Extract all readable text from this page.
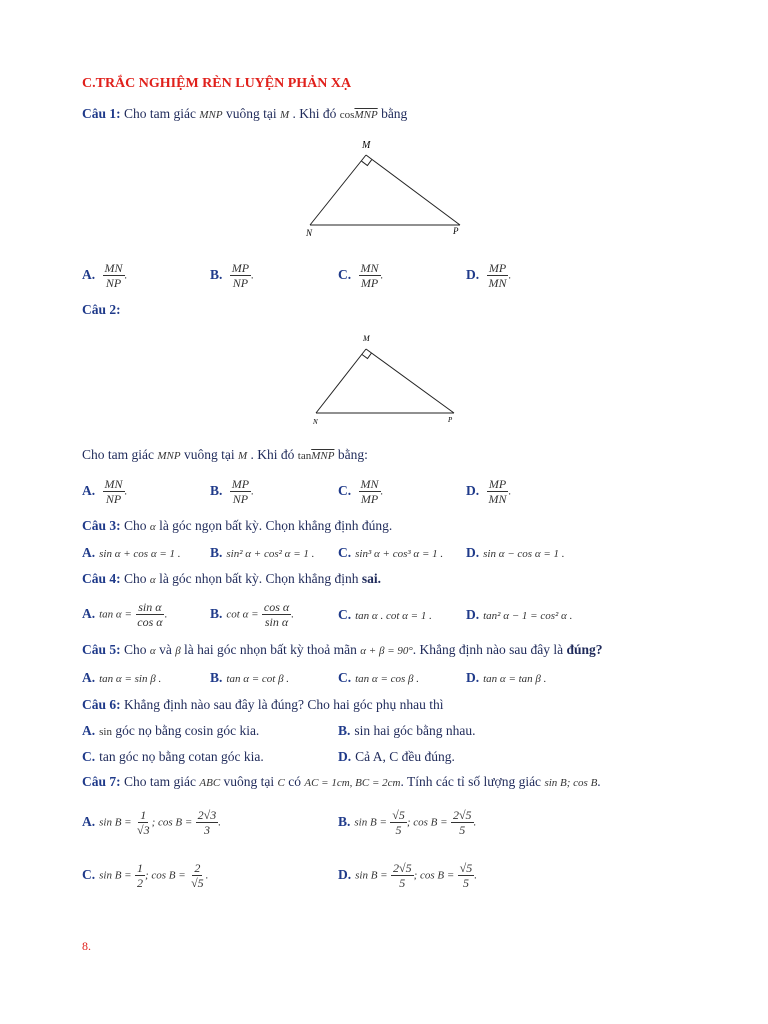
C.TRẮC NGHIỆM RÈN LUYỆN PHẢN XẠ
Câu 1: Cho tam giác MNP vuông tại M . Khi đó $\cos\overline{MNP}$ bằng
M
N	P
A. $\frac{MN}{NP}$ .	B. $\frac{MP}{NP}$ .	C. $\frac{MN}{MP}$ .	D. $\frac{MP}{MN}$ .
Câu 2:
M
N	P
Cho tam giác MNP vuông tại M . Khi đó $\tan\overline{MNP}$ bằng:
A. $\frac{MN}{NP}$ .	B. $\frac{MP}{NP}$ .	C. $\frac{MN}{MP}$ .	D. $\frac{MP}{MN}$ .
Câu 3: Cho α là góc ngọn bất kỳ. Chọn khẳng định đúng.
A. sin α + cos α = 1 . B. sin² α + cos² α = 1 . C. sin³ α + cos³ α = 1 . D. sin α − cos α = 1 .
Câu 4: Cho α là góc nhọn bất kỳ. Chọn khẳng định sai.
A. $\tan \alpha = \frac{\text{sin α}}{\text{cos α}}$ .	B. $\cot \alpha = \frac{\text{cos α}}{\text{sin α}}$ .	C. tan α . cot α = 1 .	D. tan² α − 1 = cos² α .
Câu 5: Cho α và β là hai góc nhọn bất kỳ thoả mãn α + β = 90°. Khẳng định nào sau đây là đúng?
A. tan α = sin β .	B. tan α = cot β .	C. tan α = cos β .	D. tan α = tan β .
Câu 6: Khẳng định nào sau đây là đúng? Cho hai góc phụ nhau thì
A. sin góc nọ bằng cosin góc kia.	B. sin hai góc bằng nhau.
C. tan góc nọ bằng cotan góc kia.	D. Cả A, C đều đúng.
Câu 7: Cho tam giác ABC vuông tại C có AC = 1cm, BC = 2cm. Tính các tỉ số lượng giác sin B; cos B.
A. $\sin B = \frac{1}{√3}$ ; $\cos B = \frac{2√3}{3}$ .	B. $\sin B = \frac{√5}{5}$ ; $\cos B = \frac{2√5}{5}$ .
C. $\sin B = \frac{1}{2}$ ; $\cos B = \frac{2}{√5}$ .	D. $\sin B = \frac{2√5}{5}$ ; $\cos B = \frac{√5}{5}$ .
8.
